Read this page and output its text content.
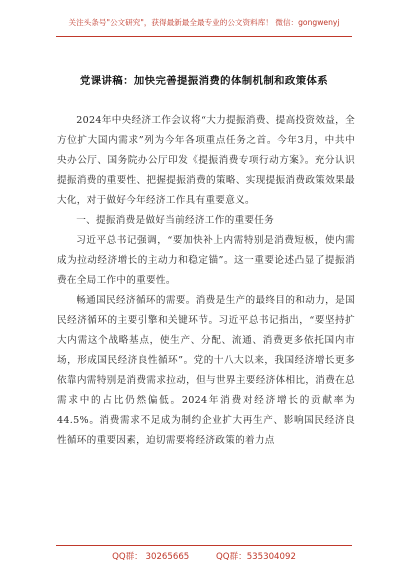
关注头条号"公文研究"，获得最新最全最专业的公文资料库！ 微信：gongwenyj
党课讲稿：加快完善提振消费的体制机制和政策体系

2024年中央经济工作会议将“大力提振消费、提高投资效益，全方位扩大国内需求”列为今年各项重点任务之首。今年3月，中共中央办公厅、国务院办公厅印发《提振消费专项行动方案》。充分认识提振消费的重要性、把握提振消费的策略、实现提振消费政策效果最大化，对于做好今年经济工作具有重要意义。

一、提振消费是做好当前经济工作的重要任务

习近平总书记强调，“要加快补上内需特别是消费短板，使内需成为拉动经济增长的主动力和稳定锚”。这一重要论述凸显了提振消费在全局工作中的重要性。

畅通国民经济循环的需要。消费是生产的最终目的和动力，是国民经济循环的主要引擎和关键环节。习近平总书记指出，“要坚持扩大内需这个战略基点，使生产、分配、流通、消费更多依托国内市场，形成国民经济良性循环”。党的十八大以来，我国经济增长更多依靠内需特别是消费需求拉动，但与世界主要经济体相比，消费在总需求中的占比仍然偏低。2024年消费对经济增长的贡献率为44.5%。消费需求不足成为制约企业扩大再生产、影响国民经济良性循环的重要因素，迫切需要将经济政策的着力点

QQ群： 30265665	QQ群：535304092
